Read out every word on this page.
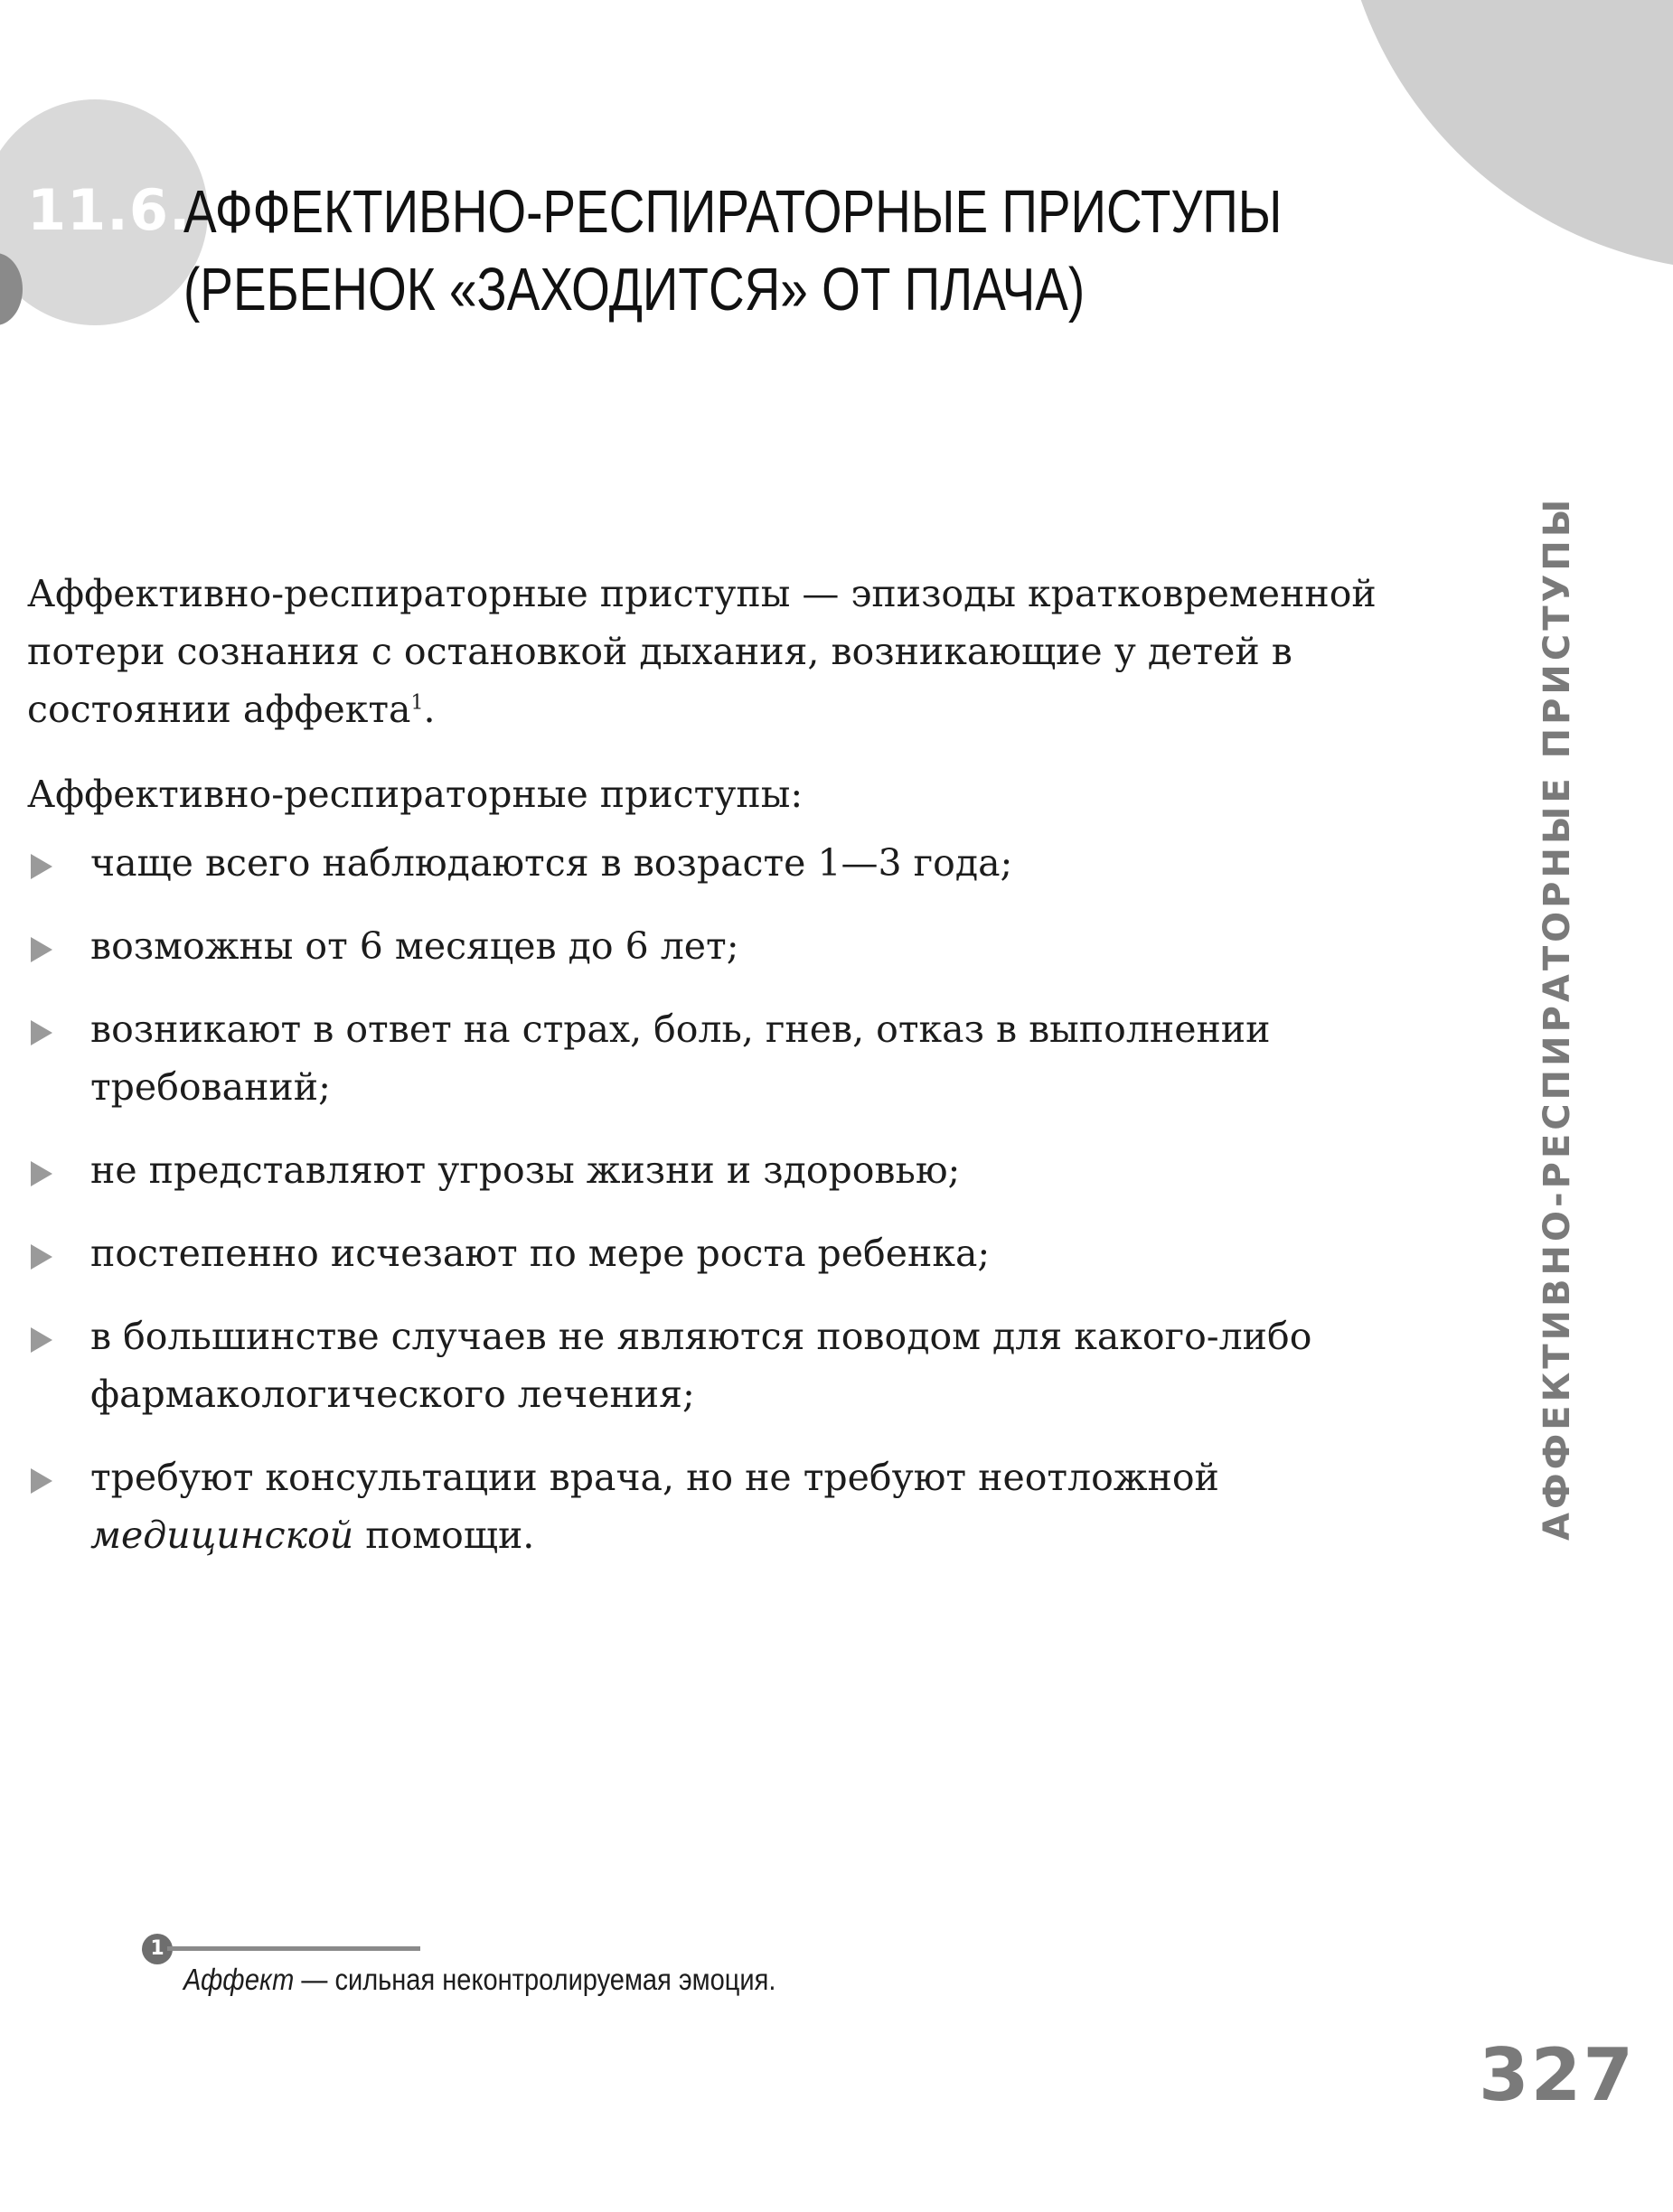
11.6.
АФФЕКТИВНО-РЕСПИРАТОРНЫЕ ПРИСТУПЫ
(РЕБЕНОК «ЗАХОДИТСЯ» ОТ ПЛАЧА)

Аффективно-респираторные приступы — эпизоды кратковременной потери сознания с остановкой дыхания, возникающие у детей в состоянии аффекта$^1$.

Аффективно-респираторные приступы:

чаще всего наблюдаются в возрасте 1—3 года;
возможны от 6 месяцев до 6 лет;
возникают в ответ на страх, боль, гнев, отказ в выполнении требований;
не представляют угрозы жизни и здоровью;
постепенно исчезают по мере роста ребенка;
в большинстве случаев не являются поводом для какого-либо фармакологического лечения;
требуют консультации врача, но не требуют неотложной медицинской помощи.	АФФЕКТИВНО-РЕСПИРАТОРНЫЕ ПРИСТУПЫ
1
Аффект — сильная неконтролируемая эмоция.
327
